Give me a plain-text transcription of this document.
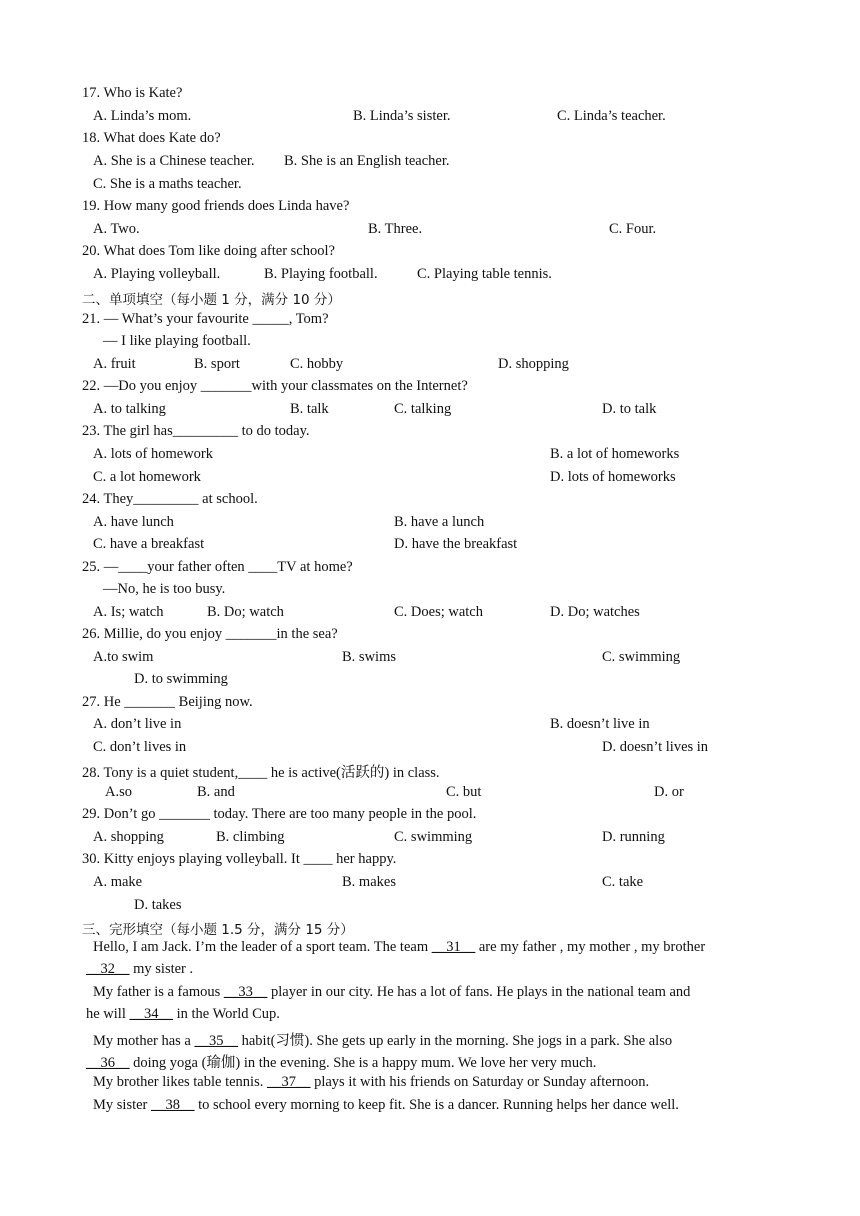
17. Who is Kate?
A. Linda’s mom.	B. Linda’s sister.	C. Linda’s teacher.
18. What does Kate do?
A. She is a Chinese teacher. B. She is an English teacher.
C. She is a maths teacher.
19. How many good friends does Linda have?
A. Two.	B. Three.	C. Four.
20. What does Tom like doing after school?
A. Playing volleyball.	B. Playing football.	C. Playing table tennis.
二、单项填空（每小题 1 分，满分 10 分）
21. — What’s your favourite _____, Tom?
— I like playing football.
A. fruit	B. sport	C. hobby	D. shopping
22. —Do you enjoy _______with your classmates on the Internet?
A. to talking	B. talk	C. talking	D. to talk
23. The girl has_________ to do today.
A. lots of homework	B. a lot of homeworks
C. a lot homework	D. lots of homeworks
24. They_________ at school.
A. have lunch	B. have a lunch
C. have a breakfast	D. have the breakfast
25. —____your father often ____TV at home?
—No, he is too busy.
A. Is; watch	B. Do; watch	C. Does; watch	D. Do; watches
26. Millie, do you enjoy _______in the sea?
A.to swim	B. swims	C. swimming
D. to swimming
27. He _______ Beijing now.
A. don’t live in	B. doesn’t live in
C. don’t lives in	D. doesn’t lives in
28. Tony is a quiet student,____ he is active(活跃的) in class.
A.so	B. and	C. but	D. or
29. Don’t go _______ today. There are too many people in the pool.
A. shopping	B. climbing	C. swimming	D. running
30. Kitty enjoys playing volleyball. It ____ her happy.
A. make	B. makes	C. take
D. takes
三、完形填空（每小题 1.5 分，满分 15 分）
Hello, I am Jack. I’m the leader of a sport team. The team __31__ are my father , my mother , my brother
__32__ my sister .
My father is a famous __33__ player in our city. He has a lot of fans. He plays in the national team and
he will __34__ in the World Cup.
My mother has a __35__ habit(习惯). She gets up early in the morning. She jogs in a park. She also
__36__ doing yoga (瑜伽) in the evening. She is a happy mum. We love her very much.
My brother likes table tennis. __37__ plays it with his friends on Saturday or Sunday afternoon.
My sister __38__ to school every morning to keep fit. She is a dancer. Running helps her dance well.
